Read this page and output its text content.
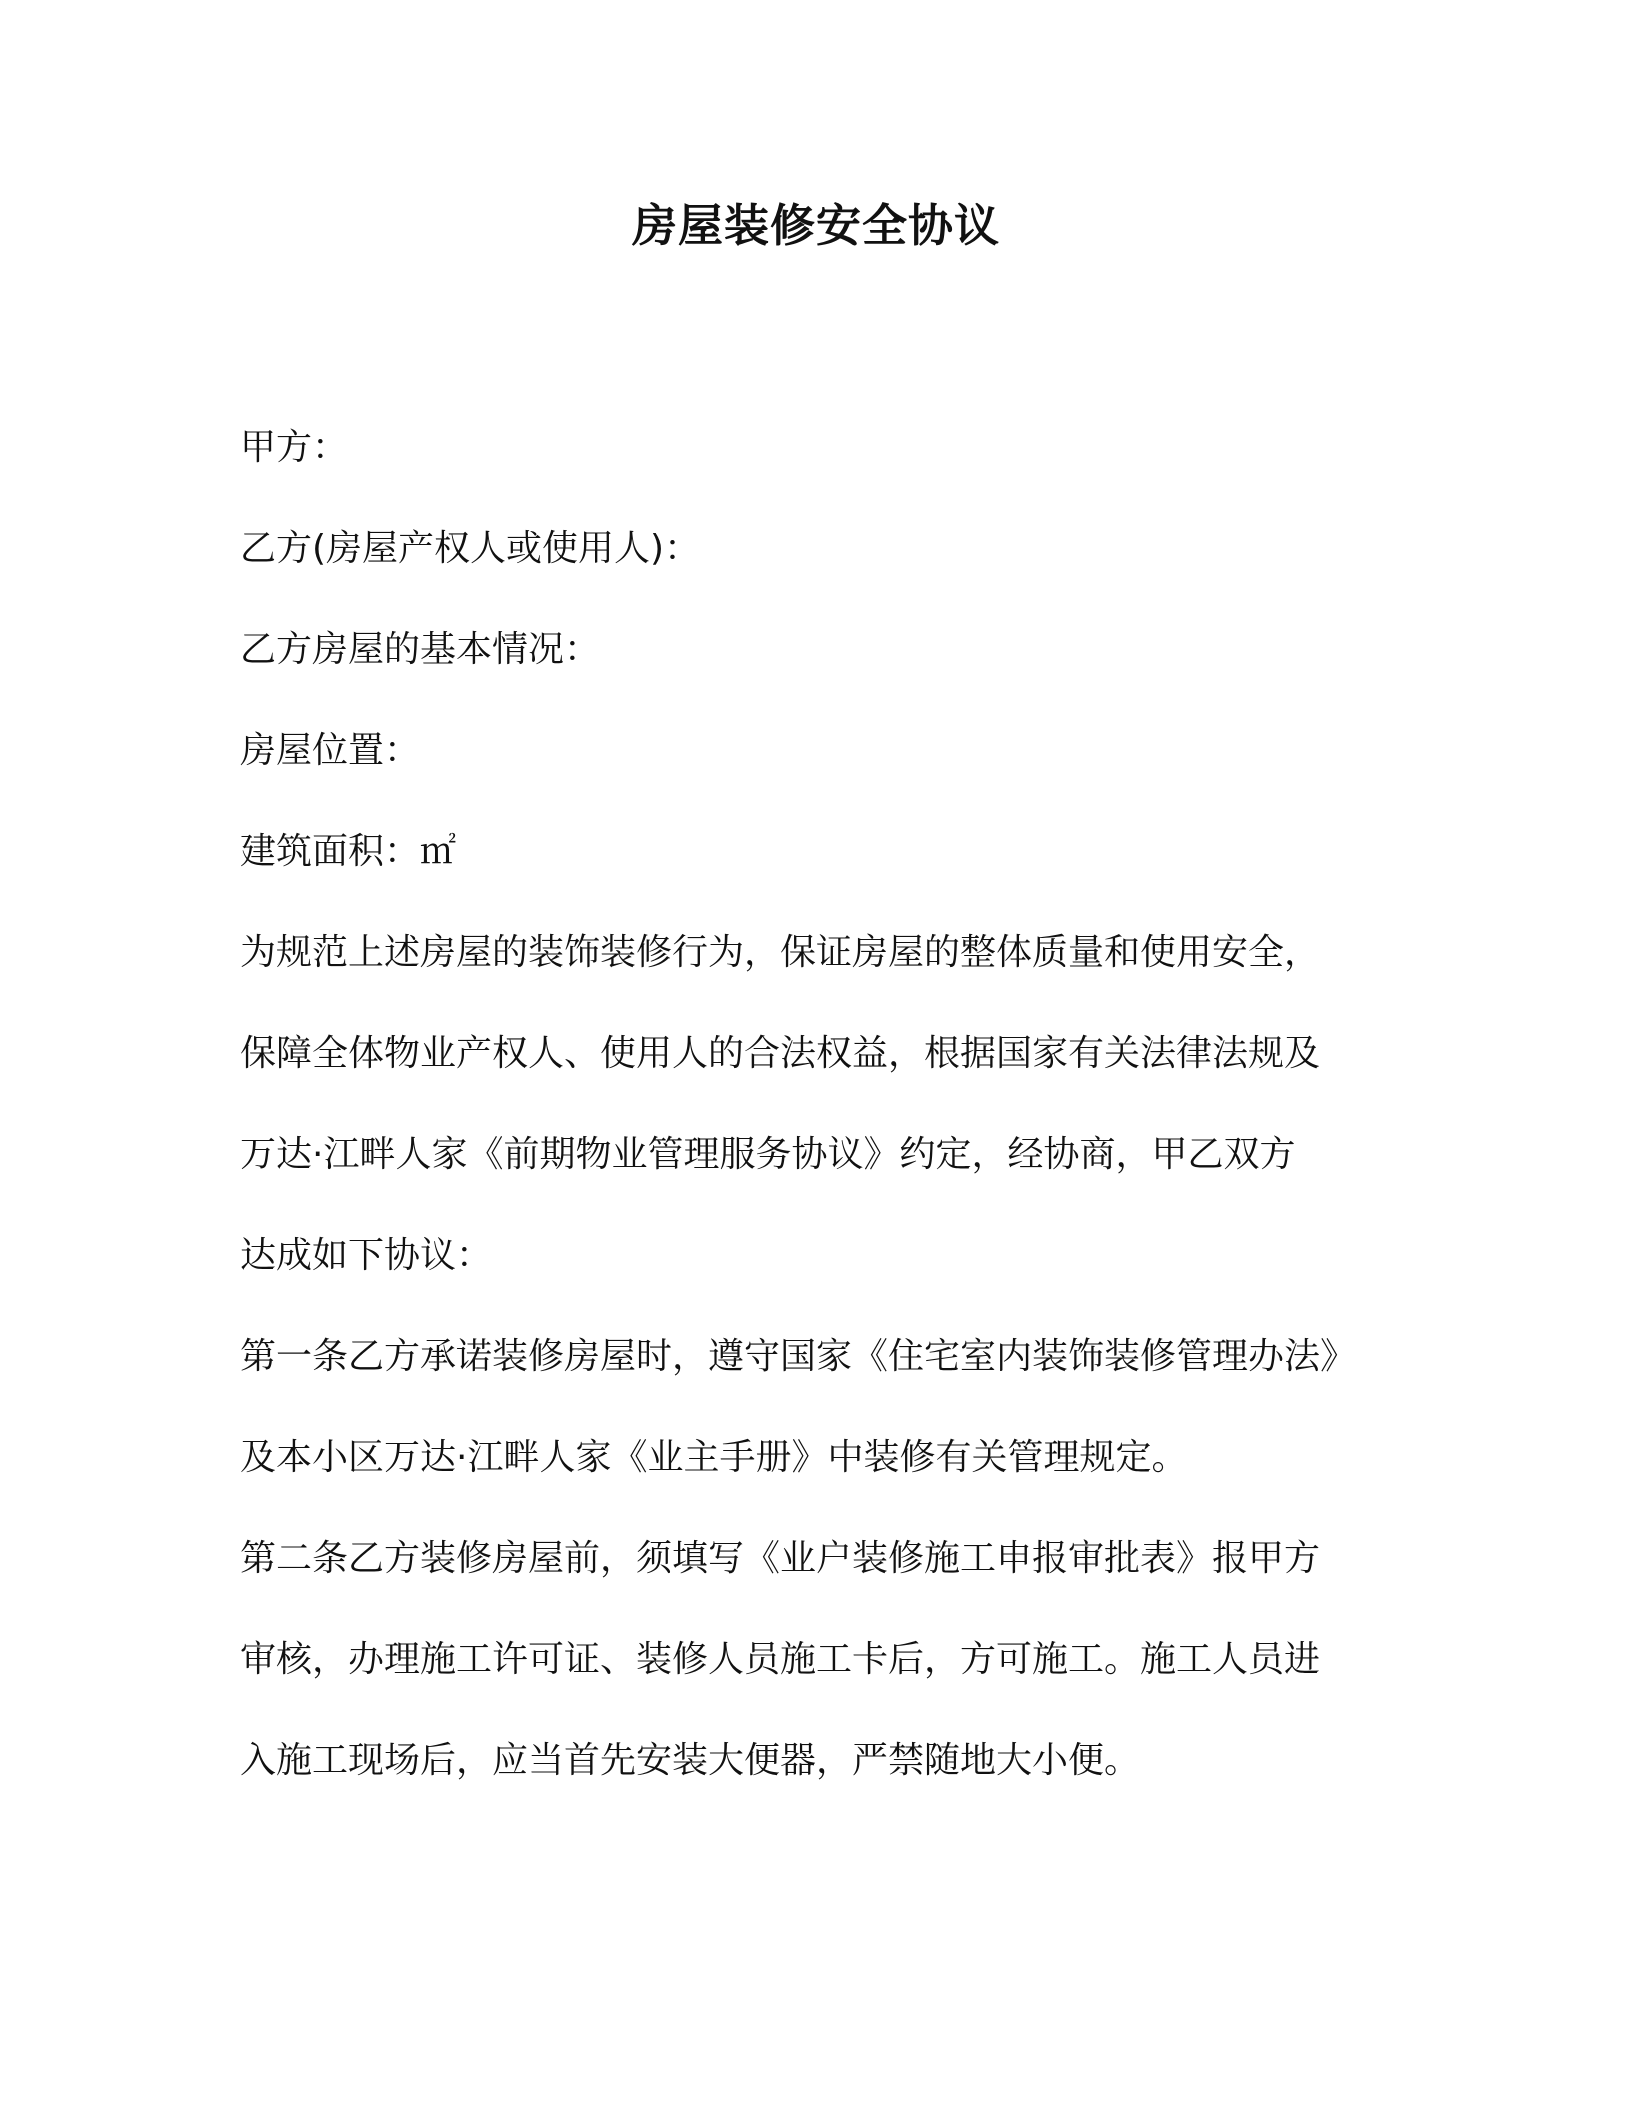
房屋装修安全协议
甲方：
乙方(房屋产权人或使用人)：
乙方房屋的基本情况：
房屋位置：
建筑面积：㎡
为规范上述房屋的装饰装修行为，保证房屋的整体质量和使用安全，
保障全体物业产权人、使用人的合法权益，根据国家有关法律法规及
万达·江畔人家《前期物业管理服务协议》约定，经协商，甲乙双方
达成如下协议：
第一条乙方承诺装修房屋时，遵守国家《住宅室内装饰装修管理办法》
及本小区万达·江畔人家《业主手册》中装修有关管理规定。
第二条乙方装修房屋前，须填写《业户装修施工申报审批表》报甲方
审核，办理施工许可证、装修人员施工卡后，方可施工。施工人员进
入施工现场后，应当首先安装大便器，严禁随地大小便。
